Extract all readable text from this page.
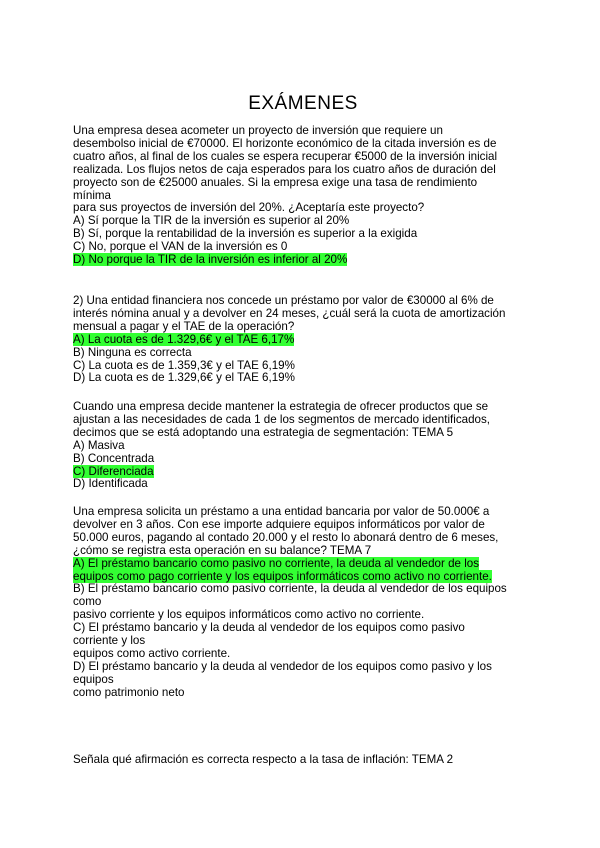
EXÁMENES
Una empresa desea acometer un proyecto de inversión que requiere un
desembolso inicial de €70000. El horizonte económico de la citada inversión es de
cuatro años, al final de los cuales se espera recuperar €5000 de la inversión inicial
realizada. Los flujos netos de caja esperados para los cuatro años de duración del
proyecto son de €25000 anuales. Si la empresa exige una tasa de rendimiento
mínima
para sus proyectos de inversión del 20%. ¿Aceptaría este proyecto?
A) Sí porque la TIR de la inversión es superior al 20%
B) Sí, porque la rentabilidad de la inversión es superior a la exigida
C) No, porque el VAN de la inversión es 0
D) No porque la TIR de la inversión es inferior al 20%
2) Una entidad financiera nos concede un préstamo por valor de €30000 al 6% de
interés nómina anual y a devolver en 24 meses, ¿cuál será la cuota de amortización
mensual a pagar y el TAE de la operación?
A) La cuota es de 1.329,6€ y el TAE 6,17%
B) Ninguna es correcta
C) La cuota es de 1.359,3€ y el TAE 6,19%
D) La cuota es de 1.329,6€ y el TAE 6,19%
Cuando una empresa decide mantener la estrategia de ofrecer productos que se
ajustan a las necesidades de cada 1 de los segmentos de mercado identificados,
decimos que se está adoptando una estrategia de segmentación: TEMA 5
A) Masiva
B) Concentrada
C) Diferenciada
D) Identificada
Una empresa solicita un préstamo a una entidad bancaria por valor de 50.000€ a
devolver en 3 años. Con ese importe adquiere equipos informáticos por valor de
50.000 euros, pagando al contado 20.000 y el resto lo abonará dentro de 6 meses,
¿cómo se registra esta operación en su balance? TEMA 7
A) El préstamo bancario como pasivo no corriente, la deuda al vendedor de los
equipos como pago corriente y los equipos informáticos como activo no corriente.
B) El préstamo bancario como pasivo corriente, la deuda al vendedor de los equipos
como
pasivo corriente y los equipos informáticos como activo no corriente.
C) El préstamo bancario y la deuda al vendedor de los equipos como pasivo
corriente y los
equipos como activo corriente.
D) El préstamo bancario y la deuda al vendedor de los equipos como pasivo y los
equipos
como patrimonio neto
Señala qué afirmación es correcta respecto a la tasa de inflación: TEMA 2
